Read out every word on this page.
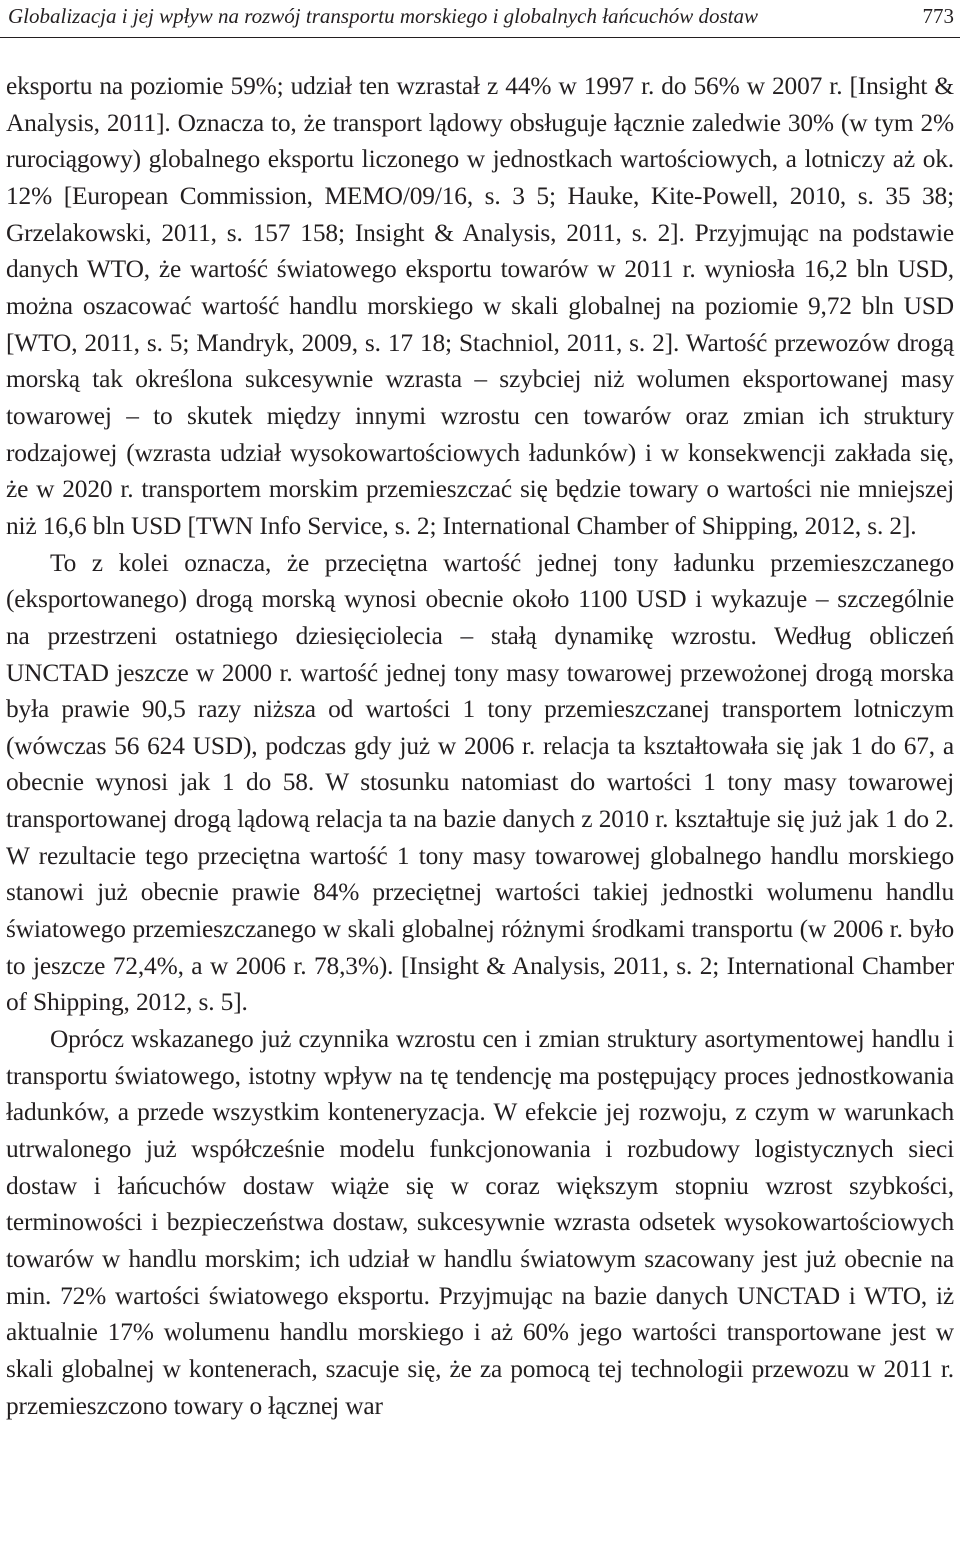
Globalizacja i jej wpływ na rozwój transportu morskiego i globalnych łańcuchów dostaw	773

eksportu na poziomie 59%; udział ten wzrastał z 44% w 1997 r. do 56% w 2007 r. [Insight & Analysis, 2011]. Oznacza to, że transport lądowy obsługuje łącznie zaledwie 30% (w tym 2% rurociągowy) globalnego eksportu liczonego w jednostkach wartościowych, a lotniczy aż ok. 12% [European Commission, MEMO/09/16, s. 3 5; Hauke, Kite-Powell, 2010, s. 35 38; Grzelakowski, 2011, s. 157 158; Insight & Analysis, 2011, s. 2]. Przyjmując na podstawie danych WTO, że wartość światowego eksportu towarów w 2011 r. wyniosła 16,2 bln USD, można oszacować wartość handlu morskiego w skali globalnej na poziomie 9,72 bln USD [WTO, 2011, s. 5; Mandryk, 2009, s. 17 18; Stachniol, 2011, s. 2]. Wartość przewozów drogą morską tak określona sukcesywnie wzrasta – szybciej niż wolumen eksportowanej masy towarowej – to skutek między innymi wzrostu cen towarów oraz zmian ich struktury rodzajowej (wzrasta udział wysokowartościowych ładunków) i w konsekwencji zakłada się, że w 2020 r. transportem morskim przemieszczać się będzie towary o wartości nie mniejszej niż 16,6 bln USD [TWN Info Service, s. 2; International Chamber of Shipping, 2012, s. 2].

To z kolei oznacza, że przeciętna wartość jednej tony ładunku przemieszczanego (eksportowanego) drogą morską wynosi obecnie około 1100 USD i wykazuje – szczególnie na przestrzeni ostatniego dziesięciolecia – stałą dynamikę wzrostu. Według obliczeń UNCTAD jeszcze w 2000 r. wartość jednej tony masy towarowej przewożonej drogą morska była prawie 90,5 razy niższa od wartości 1 tony przemieszczanej transportem lotniczym (wówczas 56 624 USD), podczas gdy już w 2006 r. relacja ta kształtowała się jak 1 do 67, a obecnie wynosi jak 1 do 58. W stosunku natomiast do wartości 1 tony masy towarowej transportowanej drogą lądową relacja ta na bazie danych z 2010 r. kształtuje się już jak 1 do 2. W rezultacie tego przeciętna wartość 1 tony masy towarowej globalnego handlu morskiego stanowi już obecnie prawie 84% przeciętnej wartości takiej jednostki wolumenu handlu światowego przemieszczanego w skali globalnej różnymi środkami transportu (w 2006 r. było to jeszcze 72,4%, a w 2006 r. 78,3%). [Insight & Analysis, 2011, s. 2; International Chamber of Shipping, 2012, s. 5].

Oprócz wskazanego już czynnika wzrostu cen i zmian struktury asortymentowej handlu i transportu światowego, istotny wpływ na tę tendencję ma postępujący proces jednostkowania ładunków, a przede wszystkim konteneryzacja. W efekcie jej rozwoju, z czym w warunkach utrwalonego już współcześnie modelu funkcjonowania i rozbudowy logistycznych sieci dostaw i łańcuchów dostaw wiąże się w coraz większym stopniu wzrost szybkości, terminowości i bezpieczeństwa dostaw, sukcesywnie wzrasta odsetek wysokowartościowych towarów w handlu morskim; ich udział w handlu światowym szacowany jest już obecnie na min. 72% wartości światowego eksportu. Przyjmując na bazie danych UNCTAD i WTO, iż aktualnie 17% wolumenu handlu morskiego i aż 60% jego wartości transportowane jest w skali globalnej w kontenerach, szacuje się, że za pomocą tej technologii przewozu w 2011 r. przemieszczono towary o łącznej war
